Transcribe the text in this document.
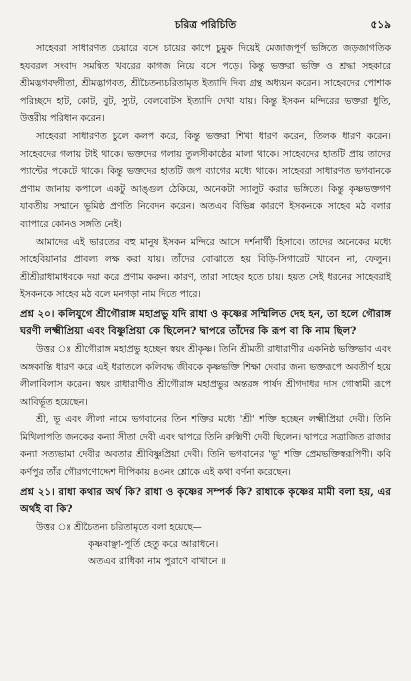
চরিত্র পরিচিতি	৫১৯

সাহেবরা সাধারণত চেয়ারে বসে চায়ের কাপে চুমুক দিয়েই মেজাজপূর্ণ ভঙ্গিতে জড়জাগতিক হযবরল সংবাদ সমন্বিত খবরের কাগজ নিয়ে বসে পড়ে। কিন্তু ভক্তরা ভক্তি ও শ্রদ্ধা সহকারে শ্রীমদ্ভগবদ্গীতা, শ্রীমদ্ভাগবত, শ্রীচৈতন্যচরিতামৃত ইত্যাদি দিব্য গ্রন্থ অধ্যয়ন করেন। সাহেবদের পোশাক পরিচ্ছদে হাট, কোট, বুট, স্যুট, বেলবোটস ইত্যাদি দেখা যায়। কিন্তু ইসকন মন্দিরের ভক্তরা ধুতি, উত্তরীয় পরিধান করেন।

সাহেবরা সাধারণত চুলে কলপ করে, কিন্তু ভক্তরা শিখা ধারণ করেন, তিলক ধারণ করেন। সাহেবদের গলায় টাই থাকে। ভক্তদের গলায় তুলসীকাষ্ঠের মালা থাকে। সাহেবদের হাতটি প্রায় তাদের প্যান্টের পকেটে থাকে। কিন্তু ভক্তদের হাতটি জপ ব্যাগের মধ্যে থাকে। সাহেবরা সাধারণত ভগবানকে প্রণাম জানায় কপালে একটু আঙ্গুল ঠেকিয়ে, অনেকটা স্যালুট করার ভঙ্গিতে। কিন্তু কৃষ্ণভক্তগণ যাবতীয় সম্মানে ভূমিষ্ঠ প্রণতি নিবেদন করেন। অতএব বিভিন্ন কারণে ইসকনকে সাহেব মঠ বলার ব্যাপারে কোনও সঙ্গতি নেই।

আমাদের এই ভারতের বহু মানুষ ইসকন মন্দিরে আসে দর্শনার্থী হিসাবে। তাদের অনেকের মধ্যে সাহেবিয়ানার প্রাবল্য লক্ষ করা যায়। তাঁদের বোঝাতে হয় বিড়ি-সিগারেট খাবেন না, ফেলুন। শ্রীশ্রীরাধামাধবকে দয়া করে প্রণাম করুন। কারণ, তারা সাহেব হতে চায়। হয়ত সেই ধরনের সাহেবরাই ইসকনকে সাহেব মঠ বলে মনগড়া নাম দিতে পারে।

প্রশ্ন ২০। কলিযুগে শ্রীগৌরাঙ্গ মহাপ্রভু যদি রাধা ও কৃষ্ণের সম্মিলিত দেহ হন, তা হলে গৌরাঙ্গ ঘরণী লক্ষ্মীপ্রিয়া এবং বিষ্ণুপ্রিয়া কে ছিলেন? দ্বাপরে তাঁদের কি রূপ বা কি নাম ছিল?

উত্তর ঃ শ্রীগৌরাঙ্গ মহাপ্রভু হচ্ছেন স্বয়ং শ্রীকৃষ্ণ। তিনি শ্রীমতী রাধারাণীর একনিষ্ঠ ভক্তিভাব এবং অঙ্গকান্তি ধারণ করে এই ধরাতলে কলিবদ্ধ জীবকে কৃষ্ণভক্তি শিক্ষা দেবার জন্য ভক্তরূপে অবতীর্ণ হয়ে লীলাবিলাস করেন। স্বয়ং রাধারাণীও শ্রীগৌরাঙ্গ মহাপ্রভুর অন্তরঙ্গ পার্ষদ শ্রীগদাধর দাস গোস্বামী রূপে আবির্ভূত হয়েছেন।

শ্রী, ভূ এবং লীলা নামে ভগবানের তিন শক্তির মধ্যে 'শ্রী' শক্তি হচ্ছেন লক্ষ্মীপ্রিয়া দেবী। তিনি মিথিলাপতি জনকের কন্যা সীতা দেবী এবং দ্বাপরে তিনি রুক্মিণী দেবী ছিলেন। দ্বাপরে সত্রাজিত রাজার কন্যা সত্যভামা দেবীর অবতার শ্রীবিষ্ণুপ্রিয়া দেবী। তিনি ভগবানের 'ভূ' শক্তি প্রেমভক্তিস্বরূপিণী। কবি কর্ণপুর তাঁর গৌরগণোদ্দেশ দীপিকায় ৪৩নং শ্লোকে এই কথা বর্ণনা করেছেন।

প্রশ্ন ২১। রাধা কথার অর্থ কি? রাধা ও কৃষ্ণের সম্পর্ক কি? রাধাকে কৃষ্ণের মামী বলা হয়, এর অর্থই বা কি?

উত্তর ঃ শ্রীচৈতন্য চরিতামৃতে বলা হয়েছে—

কৃষ্ণবাঞ্ছা-পূর্তি হেতু করে আরাধনে।
অতএব রাধিকা নাম পুরাণে বাখানে ॥
